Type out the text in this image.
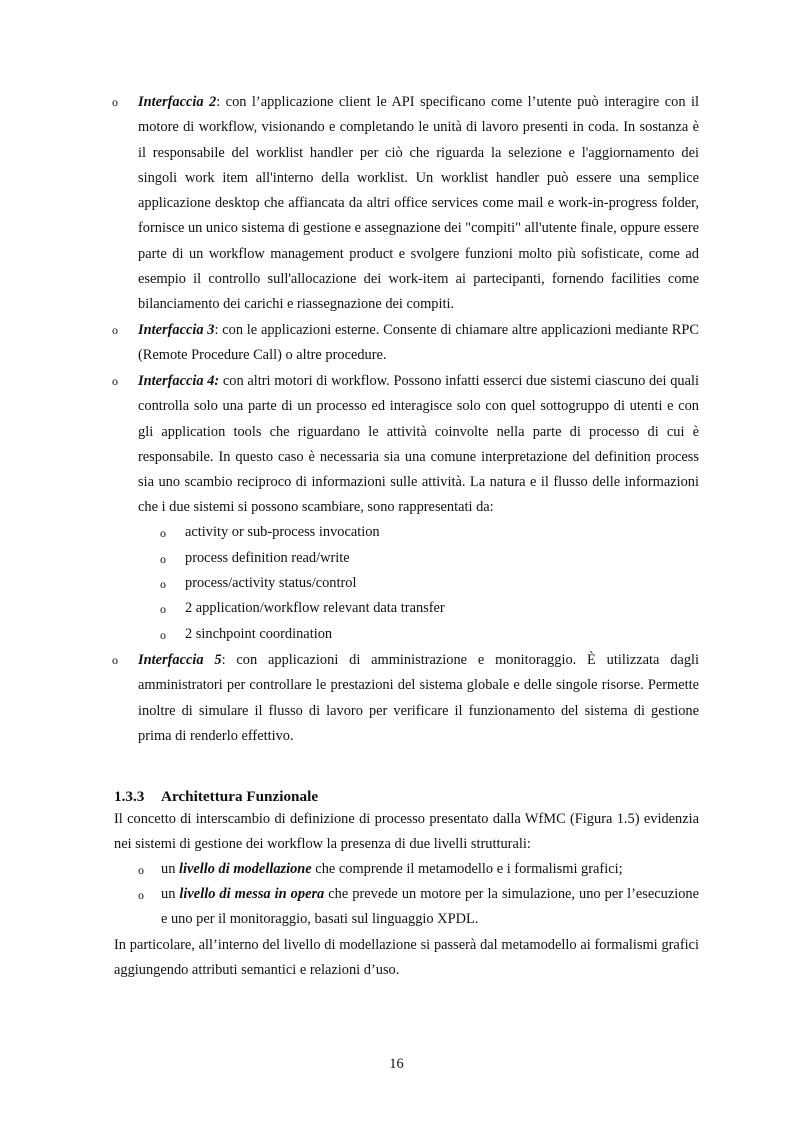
o Interfaccia 2: con l’applicazione client le API specificano come l’utente può interagire con il motore di workflow, visionando e completando le unità di lavoro presenti in coda. In sostanza è il responsabile del worklist handler per ciò che riguarda la selezione e l'aggiornamento dei singoli work item all'interno della worklist. Un worklist handler può essere una semplice applicazione desktop che affiancata da altri office services come mail e work-in-progress folder, fornisce un unico sistema di gestione e assegnazione dei "compiti" all'utente finale, oppure essere parte di un workflow management product e svolgere funzioni molto più sofisticate, come ad esempio il controllo sull'allocazione dei work-item ai partecipanti, fornendo facilities come bilanciamento dei carichi e riassegnazione dei compiti.
o Interfaccia 3: con le applicazioni esterne. Consente di chiamare altre applicazioni mediante RPC (Remote Procedure Call) o altre procedure.
o Interfaccia 4: con altri motori di workflow. Possono infatti esserci due sistemi ciascuno dei quali controlla solo una parte di un processo ed interagisce solo con quel sottogruppo di utenti e con gli application tools che riguardano le attività coinvolte nella parte di processo di cui è responsabile. In questo caso è necessaria sia una comune interpretazione del definition process sia uno scambio reciproco di informazioni sulle attività. La natura e il flusso delle informazioni che i due sistemi si possono scambiare, sono rappresentati da:
o activity or sub-process invocation
o process definition read/write
o process/activity status/control
o 2 application/workflow relevant data transfer
o 2 sinchpoint coordination
o Interfaccia 5: con applicazioni di amministrazione e monitoraggio. È utilizzata dagli amministratori per controllare le prestazioni del sistema globale e delle singole risorse. Permette inoltre di simulare il flusso di lavoro per verificare il funzionamento del sistema di gestione prima di renderlo effettivo.
1.3.3 Architettura Funzionale
Il concetto di interscambio di definizione di processo presentato dalla WfMC (Figura 1.5) evidenzia nei sistemi di gestione dei workflow la presenza di due livelli strutturali:
o un livello di modellazione che comprende il metamodello e i formalismi grafici;
o un livello di messa in opera che prevede un motore per la simulazione, uno per l’esecuzione e uno per il monitoraggio, basati sul linguaggio XPDL.
In particolare, all’interno del livello di modellazione si passerà dal metamodello ai formalismi grafici aggiungendo attributi semantici e relazioni d’uso.
16
